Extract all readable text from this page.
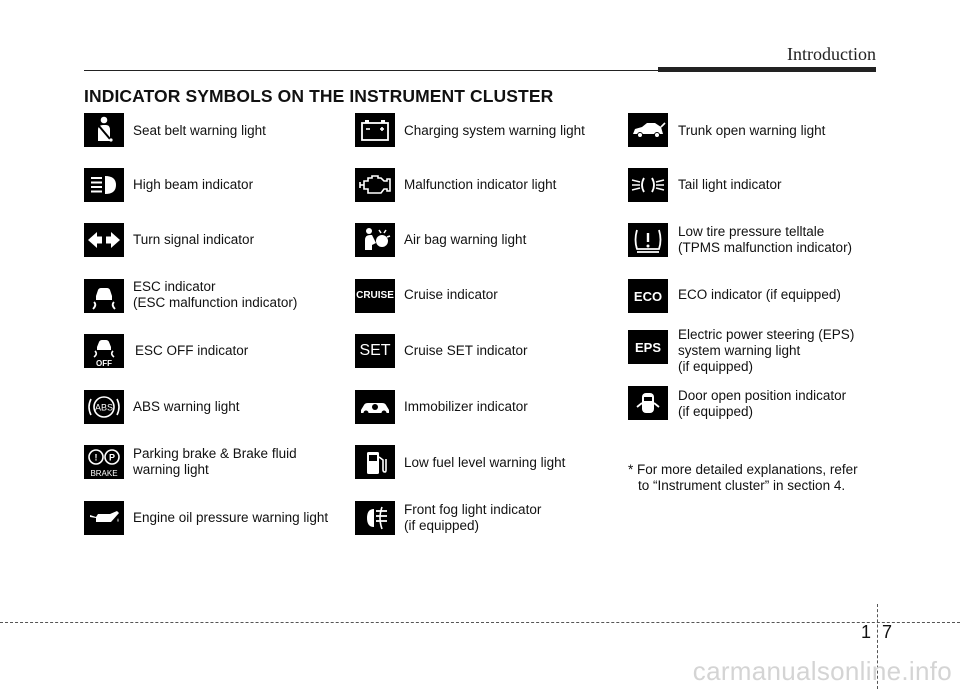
Introduction
INDICATOR SYMBOLS ON THE INSTRUMENT CLUSTER
Seat belt warning light
High beam indicator
Turn signal indicator
ESC indicator
(ESC malfunction indicator)
OFF
ESC OFF indicator
ABS ABS warning light
! P
BRAKE
Parking brake & Brake fluid
warning light
Engine oil pressure warning light
Charging system warning light
Malfunction indicator light
Air bag warning light
CRUISE Cruise indicator
SET Cruise SET indicator
Immobilizer indicator
Low fuel level warning light
Front fog light indicator
(if equipped)
Trunk open warning light
Tail light indicator
Low tire pressure telltale
(TPMS malfunction indicator)
ECO ECO indicator (if equipped)
EPS
Electric power steering (EPS)
system warning light
(if equipped)
Door open position indicator
(if equipped)
* For more detailed explanations, refer
to “Instrument cluster” in section 4.
1 7
carmanualsonline.info
